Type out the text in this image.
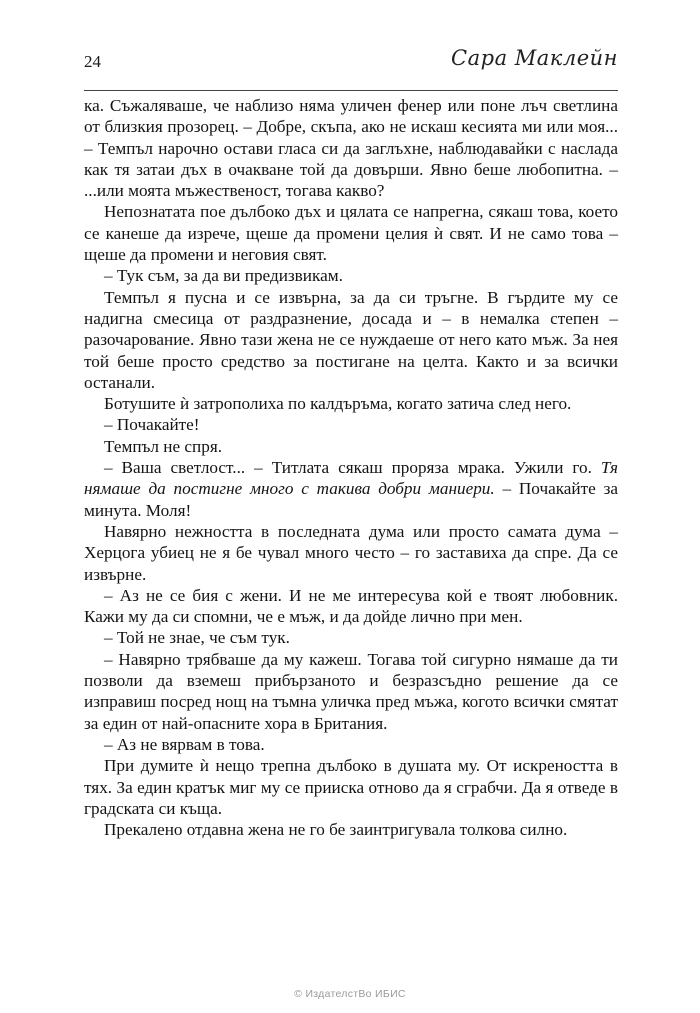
24	Сара Маклейн

ка. Съжаляваше, че наблизо няма уличен фенер или поне лъч светлина от близкия прозорец. – Добре, скъпа, ако не искаш кесията ми или моя... – Темпъл нарочно остави гласа си да заглъхне, наблюдавайки с наслада как тя затаи дъх в очакване той да довърши. Явно беше любопитна. – ...или моята мъжественост, тогава какво?

Непознатата пое дълбоко дъх и цялата се напрегна, сякаш това, което се канеше да изрече, щеше да промени целия ѝ свят. И не само това – щеше да промени и неговия свят.

– Тук съм, за да ви предизвикам.

Темпъл я пусна и се извърна, за да си тръгне. В гърдите му се надигна смесица от раздразнение, досада и – в немалка степен – разочарование. Явно тази жена не се нуждаеше от него като мъж. За нея той беше просто средство за постигане на целта. Както и за всички останали.

Ботушите ѝ затрополиха по калдъръма, когато затича след него.

– Почакайте!

Темпъл не спря.

– Ваша светлост... – Титлата сякаш прорязa мрака. Ужили го. Тя нямаше да постигне много с такива добри маниери. – Почакайте за минута. Моля!

Навярно нежността в последната дума или просто самата дума – Херцога убиец не я бе чувал много често – го заставиха да спре. Да се извърне.

– Аз не се бия с жени. И не ме интересува кой е твоят любовник. Кажи му да си спомни, че е мъж, и да дойде лично при мен.

– Той не знае, че съм тук.

– Навярно трябваше да му кажеш. Тогава той сигурно нямаше да ти позволи да вземеш прибързаното и безразсъдно решение да се изправиш посред нощ на тъмна уличка пред мъжа, когото всички смятат за един от най-опасните хора в Британия.

– Аз не вярвам в това.

При думите ѝ нещо трепна дълбоко в душата му. От искреността в тях. За един кратък миг му се прииска отново да я сграбчи. Да я отведе в градската си къща.

Прекалено отдавна жена не го бе заинтригувала толкова силно.

© ИздателстВо ИБИС
